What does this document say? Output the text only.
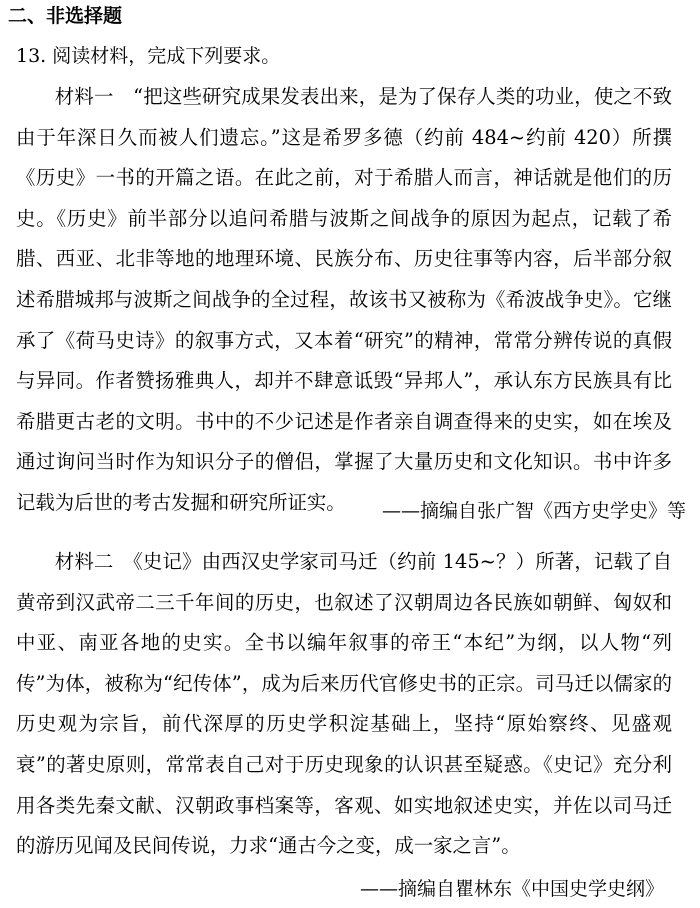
二、非选择题
13. 阅读材料，完成下列要求。

材料一　“把这些研究成果发表出来，是为了保存人类的功业，使之不致由于年深日久而被人们遗忘。”这是希罗多德（约前 484~约前 420）所撰《历史》一书的开篇之语。在此之前，对于希腊人而言，神话就是他们的历史。《历史》前半部分以追问希腊与波斯之间战争的原因为起点，记载了希腊、西亚、北非等地的地理环境、民族分布、历史往事等内容，后半部分叙述希腊城邦与波斯之间战争的全过程，故该书又被称为《希波战争史》。它继承了《荷马史诗》的叙事方式，又本着“研究”的精神，常常分辨传说的真假与异同。作者赞扬雅典人，却并不肆意诋毁“异邦人”，承认东方民族具有比希腊更古老的文明。书中的不少记述是作者亲自调查得来的史实，如在埃及通过询问当时作为知识分子的僧侣，掌握了大量历史和文化知识。书中许多记载为后世的考古发掘和研究所证实。	——摘编自张广智《西方史学史》等

材料二　《史记》由西汉史学家司马迁（约前 145~？）所著，记载了自黄帝到汉武帝二三千年间的历史，也叙述了汉朝周边各民族如朝鲜、匈奴和中亚、南亚各地的史实。全书以编年叙事的帝王“本纪”为纲，以人物“列传”为体，被称为“纪传体”，成为后来历代官修史书的正宗。司马迁以儒家的历史观为宗旨，前代深厚的历史学积淀基础上，坚持“原始察终、见盛观衰”的著史原则，常常表自己对于历史现象的认识甚至疑惑。《史记》充分利用各类先秦文献、汉朝政事档案等，客观、如实地叙述史实，并佐以司马迁的游历见闻及民间传说，力求“通古今之变，成一家之言”。

——摘编自瞿林东《中国史学史纲》
